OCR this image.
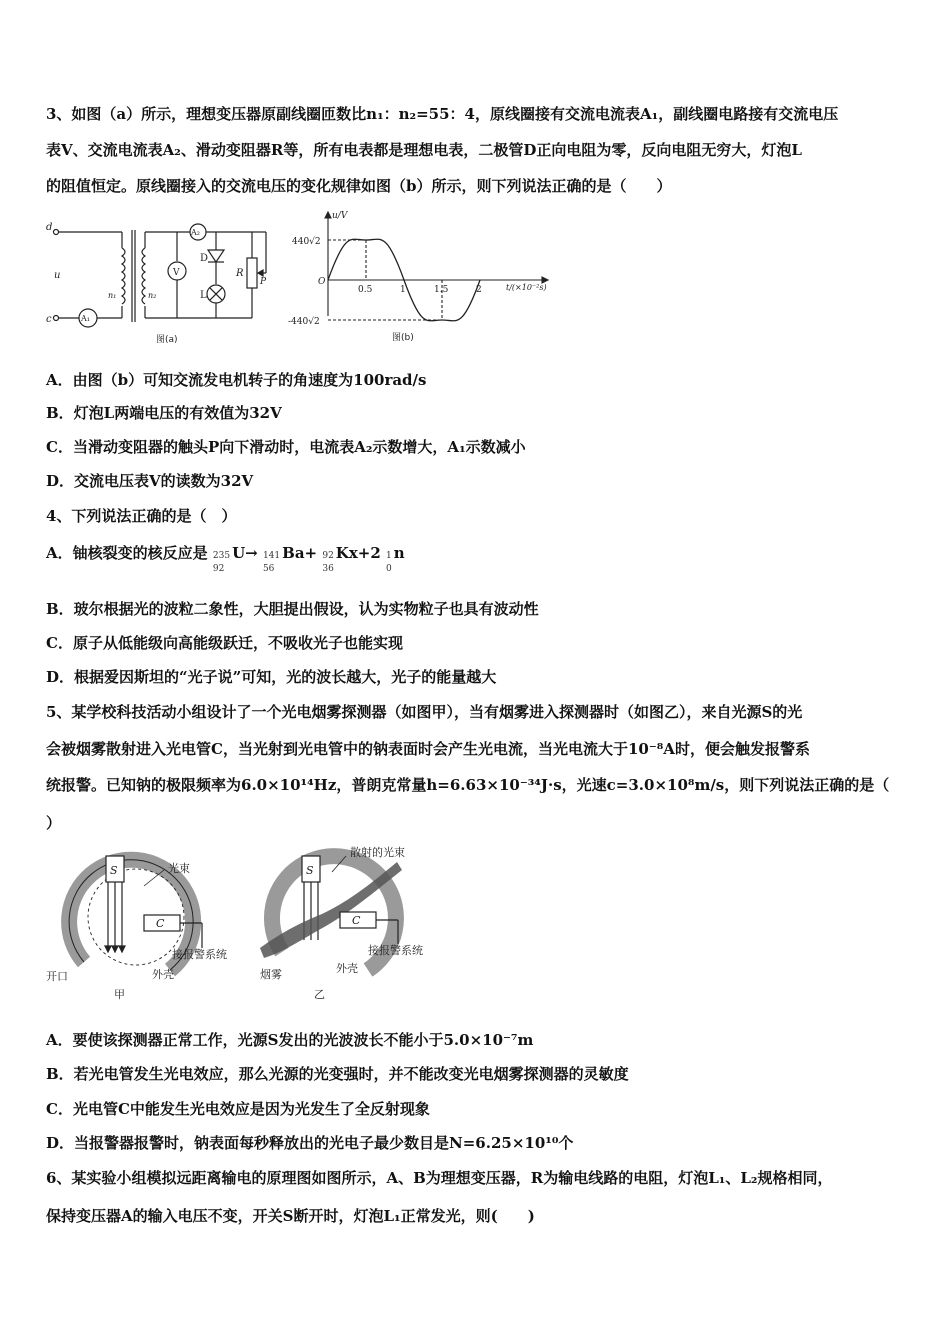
3、如图（a）所示，理想变压器原副线圈匝数比n₁：n₂=55：4，原线圈接有交流电流表A₁，副线圈电路接有交流电压
表V、交流电流表A₂、滑动变阻器R等，所有电表都是理想电表，二极管D正向电阻为零，反向电阻无穷大，灯泡L
的阻值恒定。原线圈接入的交流电压的变化规律如图（b）所示，则下列说法正确的是（　　）
d
c
u
n₁	n₂
A₁
A₂
V
D
L
R
P
图(a)
u/V
t/(×10⁻²s)
O
440√2
-440√2
0.5	1	1.5	2
图(b)
A．由图（b）可知交流发电机转子的角速度为100rad/s
B．灯泡L两端电压的有效值为32V
C．当滑动变阻器的触头P向下滑动时，电流表A₂示数增大，A₁示数减小
D．交流电压表V的读数为32V
4、下列说法正确的是（　）
A．铀核裂变的核反应是 235
92
U→ 141
56
Ba+ 92
36
Kx+2 1
0
n
B．玻尔根据光的波粒二象性，大胆提出假设，认为实物粒子也具有波动性
C．原子从低能级向高能级跃迁，不吸收光子也能实现
D．根据爱因斯坦的“光子说”可知，光的波长越大，光子的能量越大
5、某学校科技活动小组设计了一个光电烟雾探测器（如图甲），当有烟雾进入探测器时（如图乙），来自光源S的光
会被烟雾散射进入光电管C，当光射到光电管中的钠表面时会产生光电流，当光电流大于10⁻⁸A时，便会触发报警系
统报警。已知钠的极限频率为6.0×10¹⁴Hz，普朗克常量h=6.63×10⁻³⁴J·s，光速c=3.0×10⁸m/s，则下列说法正确的是（
）
S	光束
C
接报警系统
开口	外壳
甲
S
散射的光束
C
接报警系统
烟雾	外壳
乙
A．要使该探测器正常工作，光源S发出的光波波长不能小于5.0×10⁻⁷m
B．若光电管发生光电效应，那么光源的光变强时，并不能改变光电烟雾探测器的灵敏度
C．光电管C中能发生光电效应是因为光发生了全反射现象
D．当报警器报警时，钠表面每秒释放出的光电子最少数目是N=6.25×10¹⁰个
6、某实验小组模拟远距离输电的原理图如图所示，A、B为理想变压器，R为输电线路的电阻，灯泡L₁、L₂规格相同，
保持变压器A的输入电压不变，开关S断开时，灯泡L₁正常发光，则(　　)
